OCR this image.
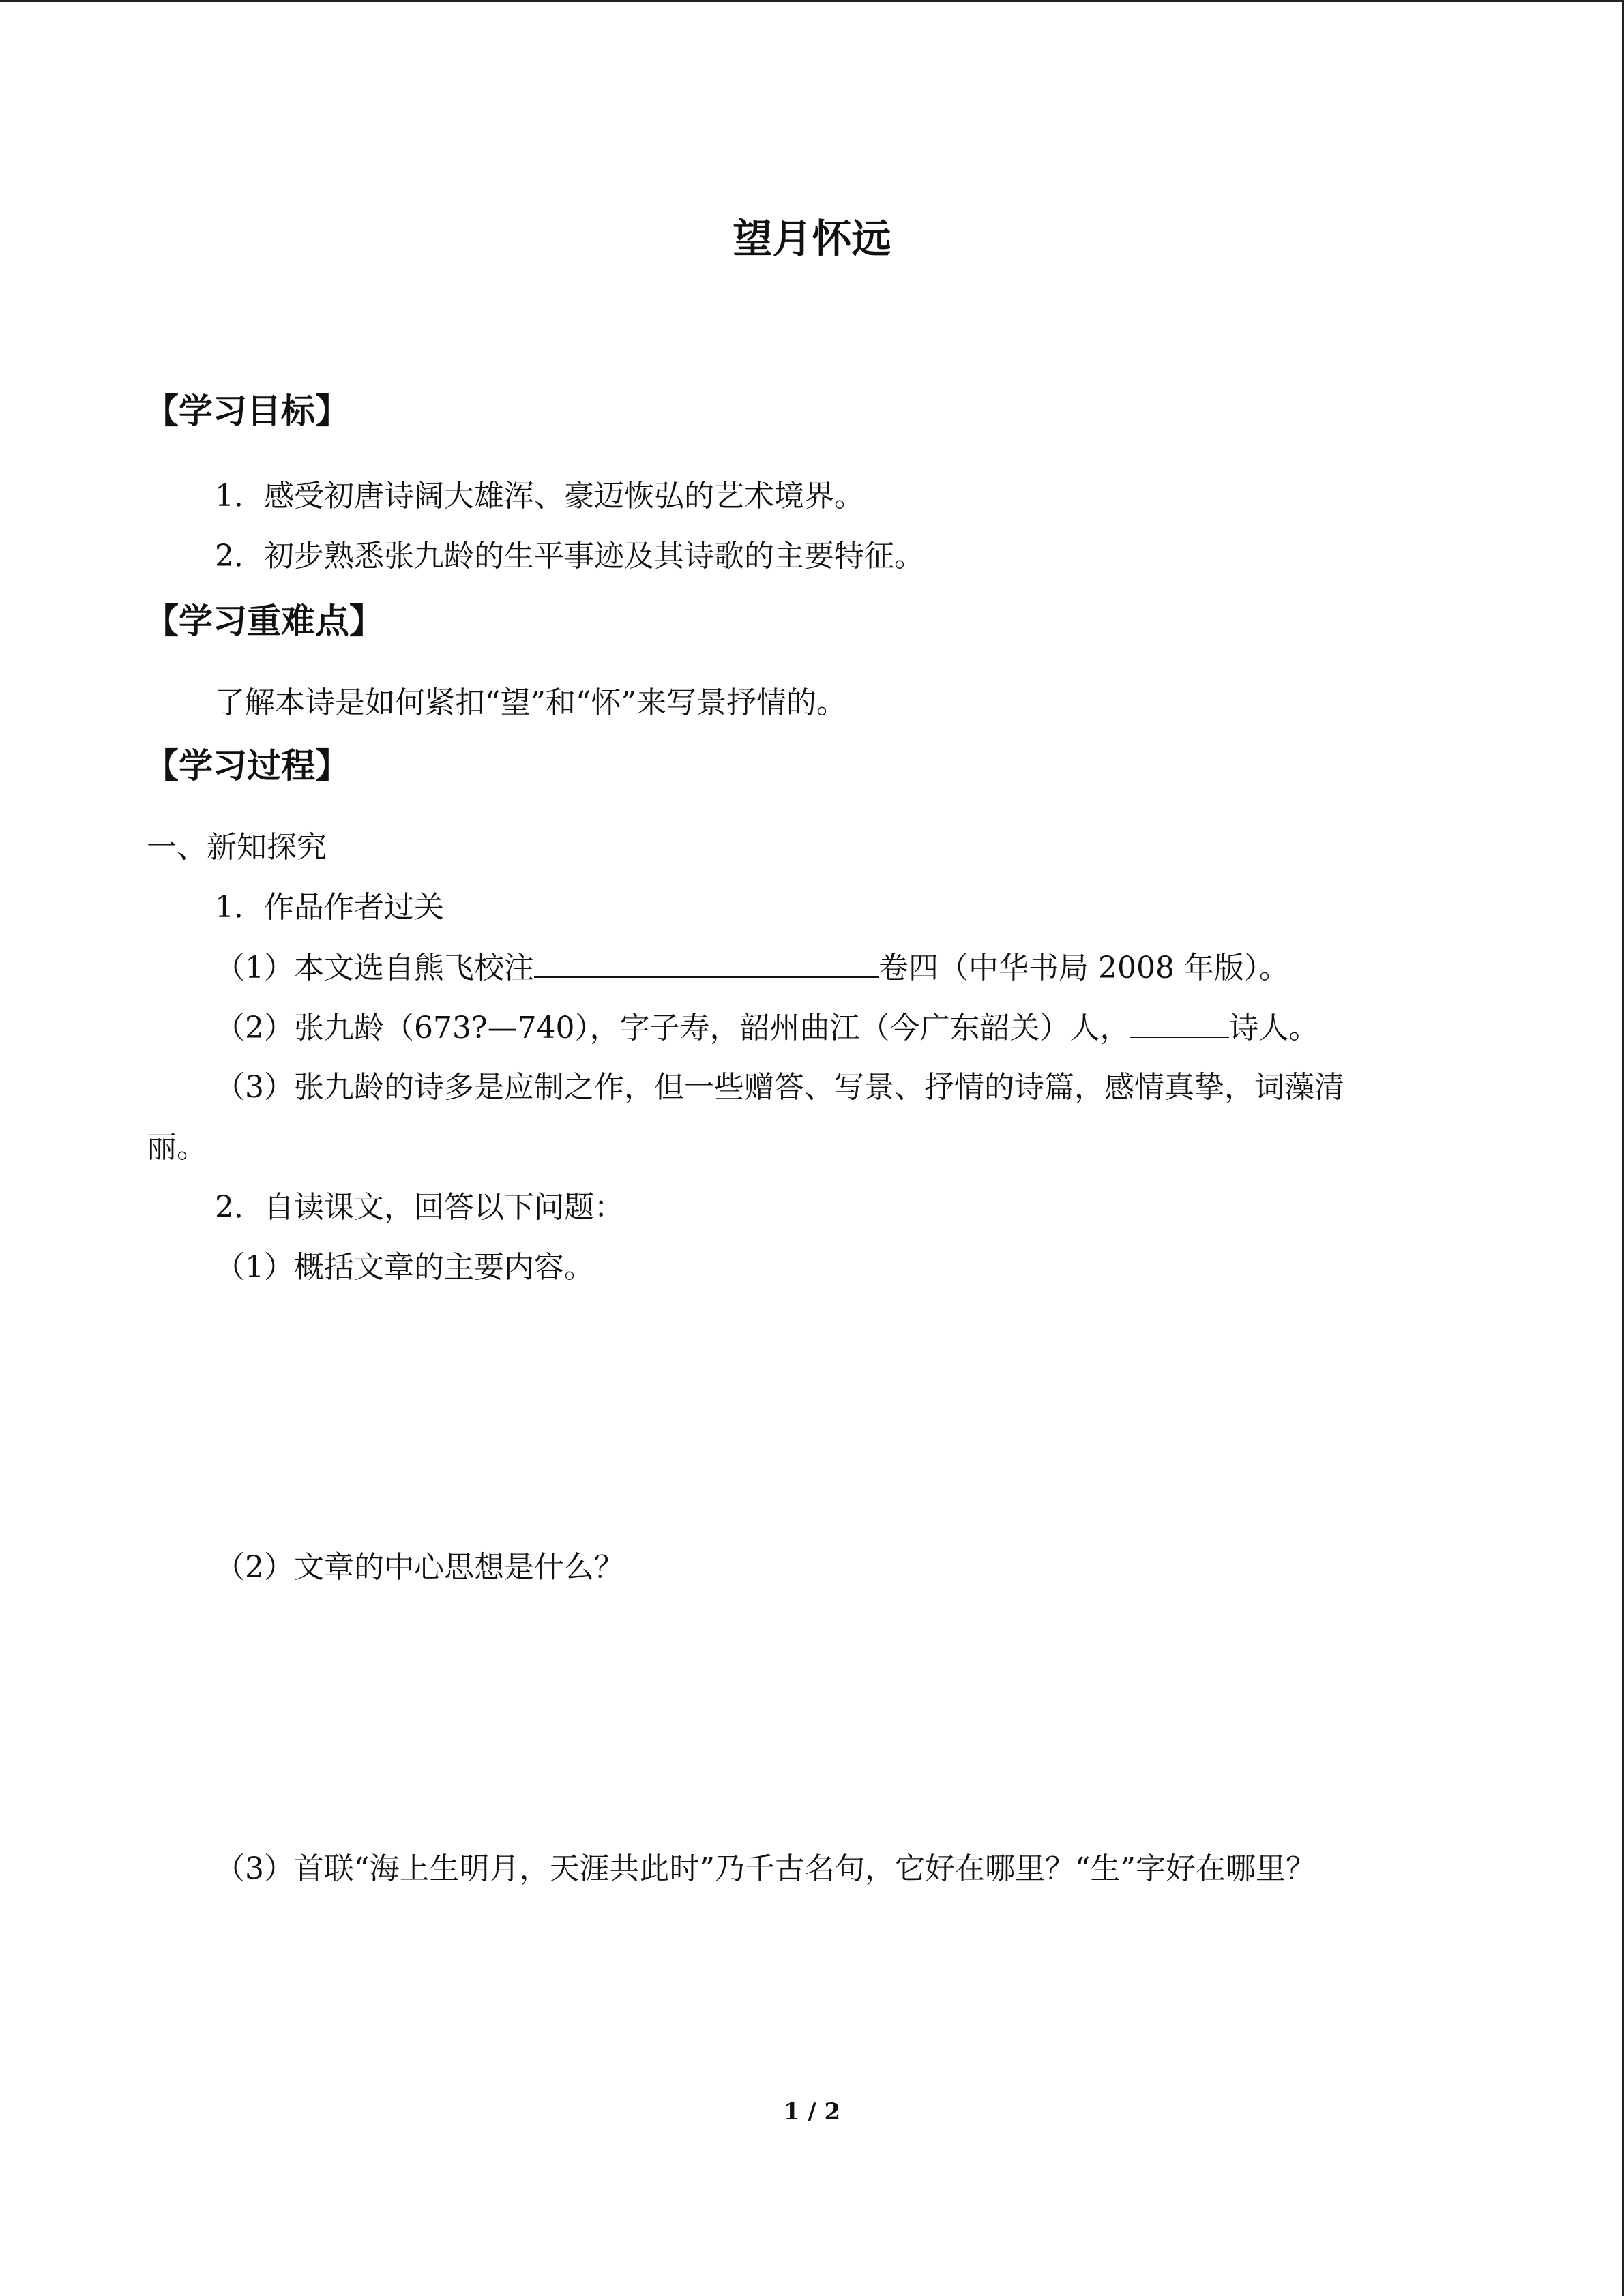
望月怀远
【学习目标】
1．感受初唐诗阔大雄浑、豪迈恢弘的艺术境界。
2．初步熟悉张九龄的生平事迹及其诗歌的主要特征。
【学习重难点】
了解本诗是如何紧扣“望”和“怀”来写景抒情的。
【学习过程】
一、新知探究
1．作品作者过关
（1）本文选自熊飞校注	卷四（中华书局 2008 年版）。
（2）张九龄（673?—740），字子寿，韶州曲江（今广东韶关）人，	诗人。
（3）张九龄的诗多是应制之作，但一些赠答、写景、抒情的诗篇，感情真挚，词藻清
丽。
2．自读课文，回答以下问题：
（1）概括文章的主要内容。
（2）文章的中心思想是什么？
（3）首联“海上生明月，天涯共此时”乃千古名句，它好在哪里？“生”字好在哪里？
1 / 2
